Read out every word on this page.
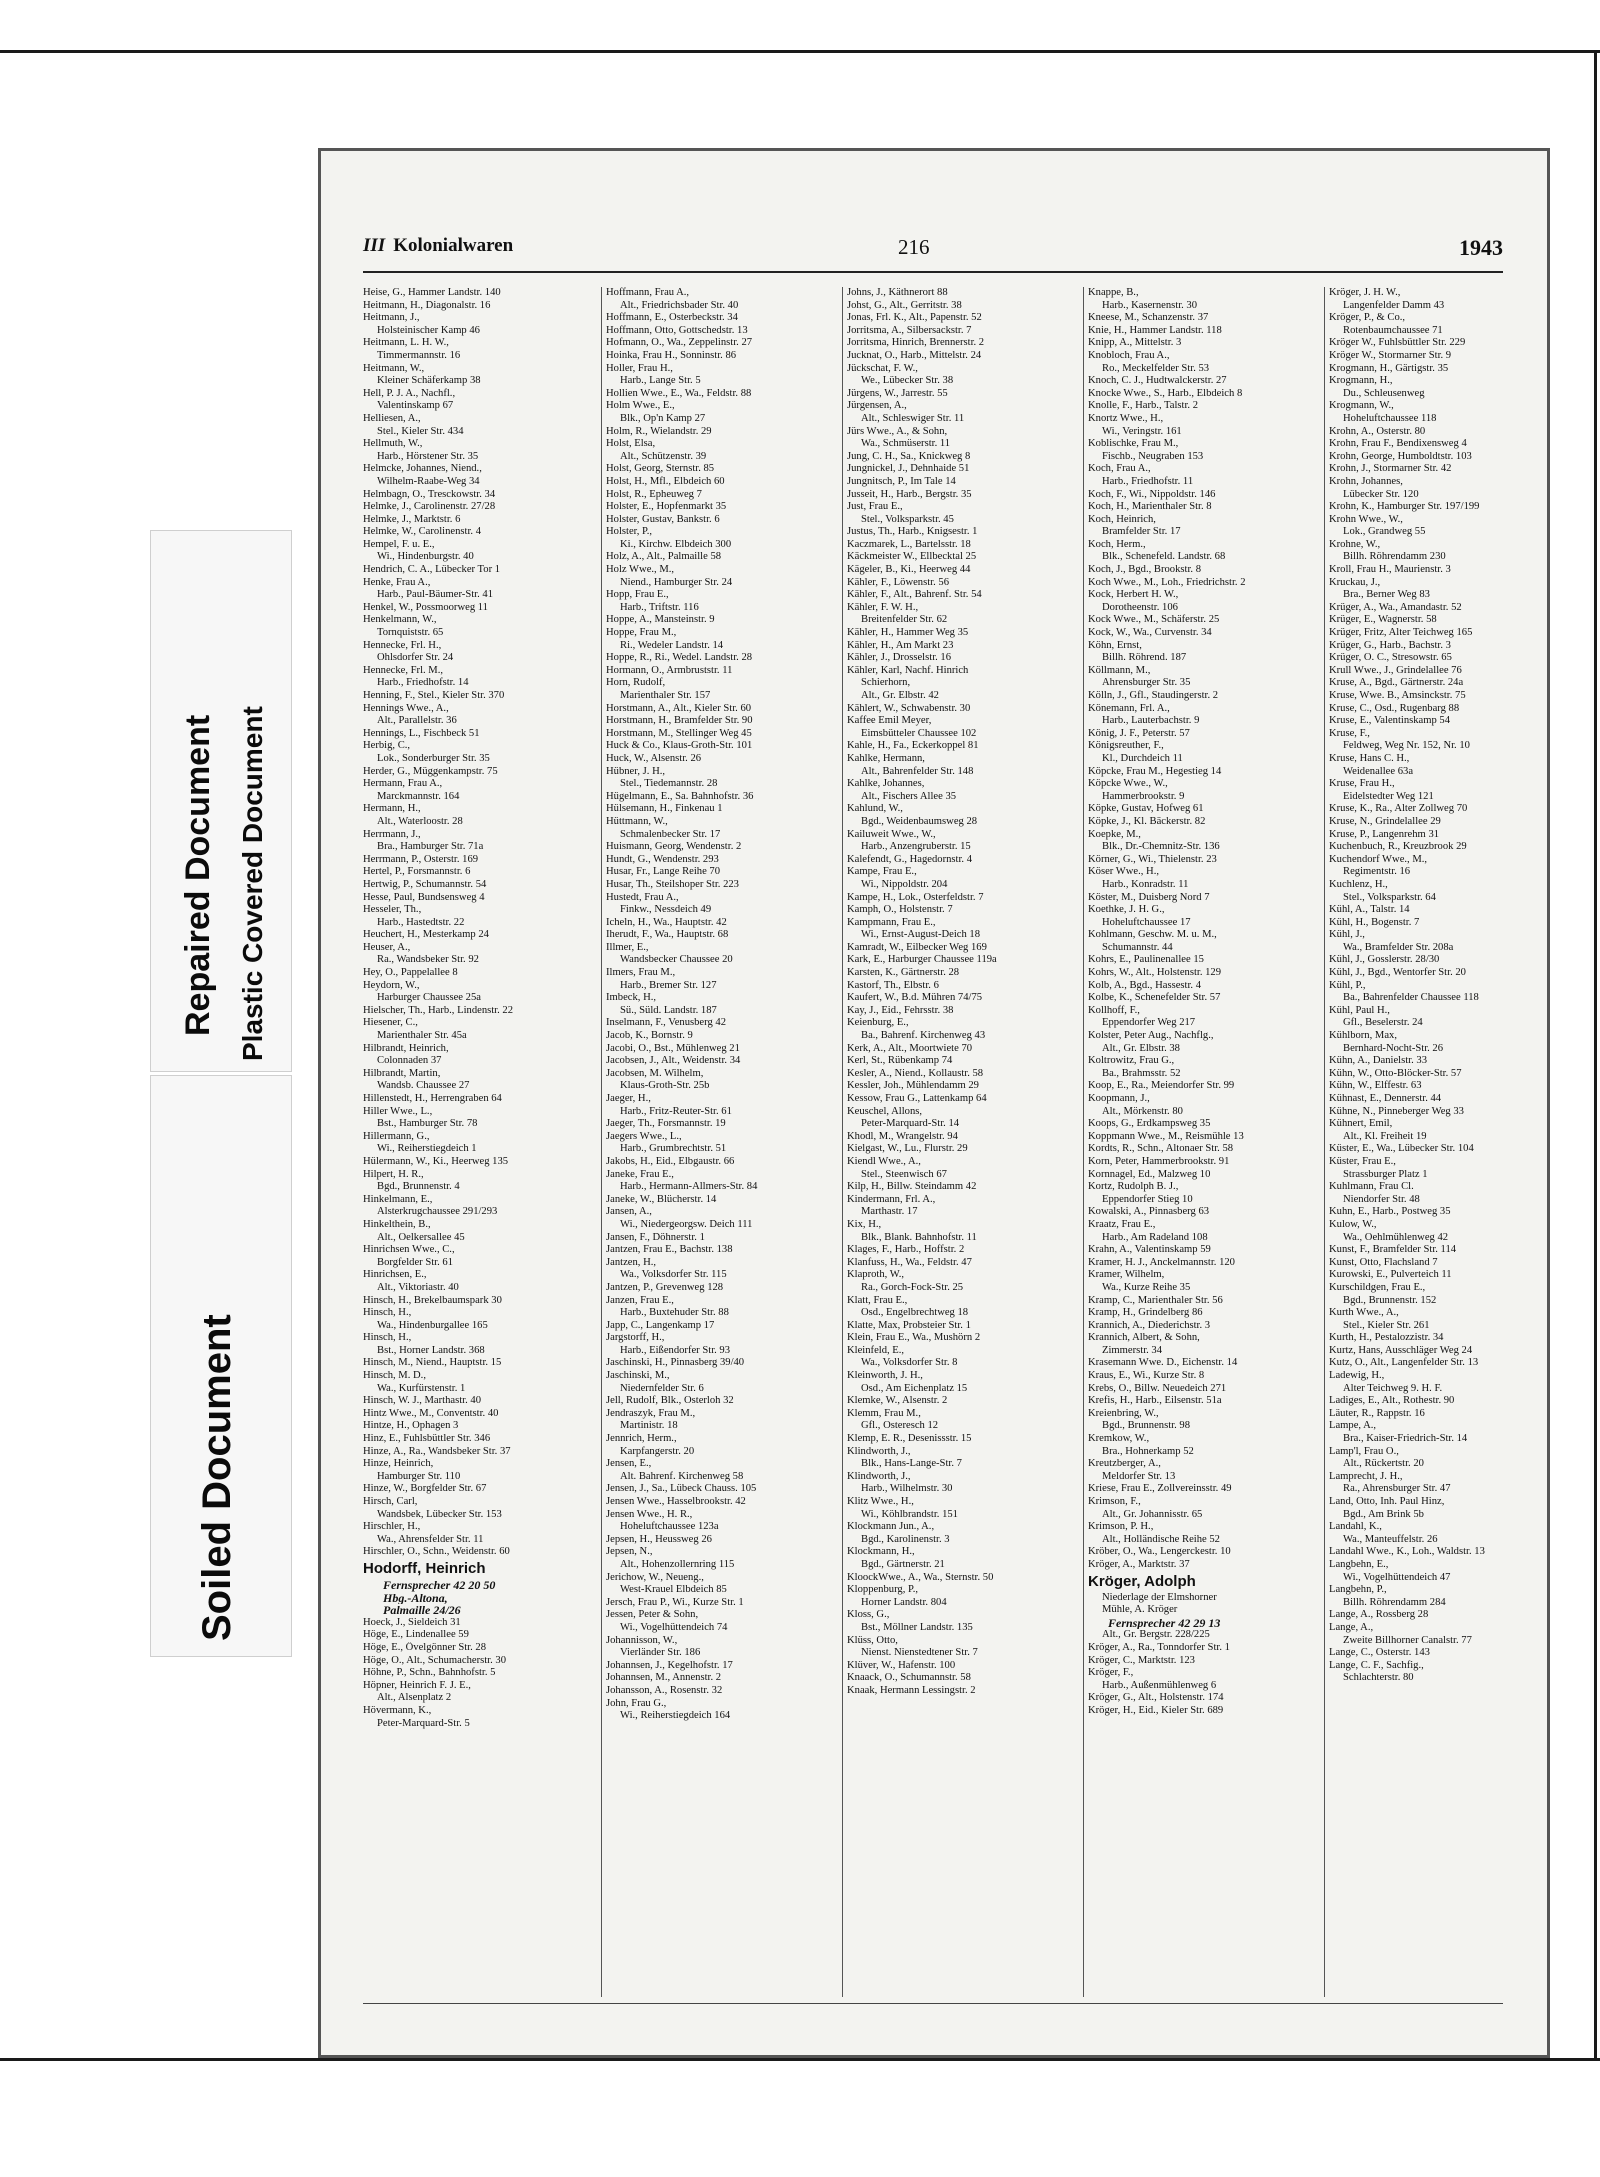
Repaired Document Plastic Covered Document
Soiled Document
III Kolonialwaren	216	1943
Heise, G., Hammer Landstr. 140
Heitmann, H., Diagonalstr. 16
Heitmann, J.,
Holsteinischer Kamp 46
Heitmann, L. H. W.,
Timmermannstr. 16
Heitmann, W.,
Kleiner Schäferkamp 38
Hell, P. J. A., Nachfl.,
Valentinskamp 67
Helliesen, A.,
Stel., Kieler Str. 434
Hellmuth, W.,
Harb., Hörstener Str. 35
Helmcke, Johannes, Niend.,
Wilhelm-Raabe-Weg 34
Helmbagn, O., Tresckowstr. 34
Helmke, J., Carolinenstr. 27/28
Helmke, J., Marktstr. 6
Helmke, W., Carolinenstr. 4
Hempel, F. u. E.,
Wi., Hindenburgstr. 40
Hendrich, C. A., Lübecker Tor 1
Henke, Frau A.,
Harb., Paul-Bäumer-Str. 41
Henkel, W., Possmoorweg 11
Henkelmann, W.,
Tornquiststr. 65
Hennecke, Frl. H.,
Ohlsdorfer Str. 24
Hennecke, Frl. M.,
Harb., Friedhofstr. 14
Henning, F., Stel., Kieler Str. 370
Hennings Wwe., A.,
Alt., Parallelstr. 36
Hennings, L., Fischbeck 51
Herbig, C.,
Lok., Sonderburger Str. 35
Herder, G., Müggenkampstr. 75
Hermann, Frau A.,
Marckmannstr. 164
Hermann, H.,
Alt., Waterloostr. 28
Herrmann, J.,
Bra., Hamburger Str. 71a
Herrmann, P., Osterstr. 169
Hertel, P., Forsmannstr. 6
Hertwig, P., Schumannstr. 54
Hesse, Paul, Bundsensweg 4
Hesseler, Th.,
Harb., Hastedtstr. 22
Heuchert, H., Mesterkamp 24
Heuser, A.,
Ra., Wandsbeker Str. 92
Hey, O., Pappelallee 8
Heydorn, W.,
Harburger Chaussee 25a
Hielscher, Th., Harb., Lindenstr. 22
Hiesener, C.,
Marienthaler Str. 45a
Hilbrandt, Heinrich,
Colonnaden 37
Hilbrandt, Martin,
Wandsb. Chaussee 27
Hillenstedt, H., Herrengraben 64
Hiller Wwe., L.,
Bst., Hamburger Str. 78
Hillermann, G.,
Wi., Reiherstiegdeich 1
Hülermann, W., Ki., Heerweg 135
Hilpert, H. R.,
Bgd., Brunnenstr. 4
Hinkelmann, E.,
Alsterkrugchaussee 291/293
Hinkelthein, B.,
Alt., Oelkersallee 45
Hinrichsen Wwe., C.,
Borgfelder Str. 61
Hinrichsen, E.,
Alt., Viktoriastr. 40
Hinsch, H., Brekelbaumspark 30
Hinsch, H.,
Wa., Hindenburgallee 165
Hinsch, H.,
Bst., Horner Landstr. 368
Hinsch, M., Niend., Hauptstr. 15
Hinsch, M. D.,
Wa., Kurfürstenstr. 1
Hinsch, W. J., Marthastr. 40
Hintz Wwe., M., Conventstr. 40
Hintze, H., Ophagen 3
Hinz, E., Fuhlsbüttler Str. 346
Hinze, A., Ra., Wandsbeker Str. 37
Hinze, Heinrich,
Hamburger Str. 110
Hinze, W., Borgfelder Str. 67
Hirsch, Carl,
Wandsbek, Lübecker Str. 153
Hirschler, H.,
Wa., Ahrensfelder Str. 11
Hirschler, O., Schn., Weidenstr. 60
Hodorff, Heinrich
Fernsprecher 42 20 50
Hbg.-Altona,
Palmaille 24/26
Hoeck, J., Sieldeich 31
Höge, E., Lindenallee 59
Höge, E., Övelgönner Str. 28
Höge, O., Alt., Schumacherstr. 30
Höhne, P., Schn., Bahnhofstr. 5
Höpner, Heinrich F. J. E.,
Alt., Alsenplatz 2
Hövermann, K.,
Peter-Marquard-Str. 5
Hoffmann, Frau A.,
Alt., Friedrichsbader Str. 40
Hoffmann, E., Osterbeckstr. 34
Hoffmann, Otto, Gottschedstr. 13
Hofmann, O., Wa., Zeppelinstr. 27
Hoinka, Frau H., Sonninstr. 86
Holler, Frau H.,
Harb., Lange Str. 5
Hollien Wwe., E., Wa., Feldstr. 88
Holm Wwe., E.,
Blk., Op'n Kamp 27
Holm, R., Wielandstr. 29
Holst, Elsa,
Alt., Schützenstr. 39
Holst, Georg, Sternstr. 85
Holst, H., Mfl., Elbdeich 60
Holst, R., Epheuweg 7
Holster, E., Hopfenmarkt 35
Holster, Gustav, Bankstr. 6
Holster, P.,
Ki., Kirchw. Elbdeich 300
Holz, A., Alt., Palmaille 58
Holz Wwe., M.,
Niend., Hamburger Str. 24
Hopp, Frau E.,
Harb., Triftstr. 116
Hoppe, A., Mansteinstr. 9
Hoppe, Frau M.,
Ri., Wedeler Landstr. 14
Hoppe, R., Ri., Wedel. Landstr. 28
Hormann, O., Armbruststr. 11
Horn, Rudolf,
Marienthaler Str. 157
Horstmann, A., Alt., Kieler Str. 60
Horstmann, H., Bramfelder Str. 90
Horstmann, M., Stellinger Weg 45
Huck & Co., Klaus-Groth-Str. 101
Huck, W., Alsenstr. 26
Hübner, J. H.,
Stel., Tiedemannstr. 28
Hügelmann, E., Sa. Bahnhofstr. 36
Hülsemann, H., Finkenau 1
Hüttmann, W.,
Schmalenbecker Str. 17
Huismann, Georg, Wendenstr. 2
Hundt, G., Wendenstr. 293
Husar, Fr., Lange Reihe 70
Husar, Th., Steilshoper Str. 223
Hustedt, Frau A.,
Finkw., Nessdeich 49
Icheln, H., Wa., Hauptstr. 42
Iherudt, F., Wa., Hauptstr. 68
Illmer, E.,
Wandsbecker Chaussee 20
Ilmers, Frau M.,
Harb., Bremer Str. 127
Imbeck, H.,
Sü., Süld. Landstr. 187
Inselmann, F., Venusberg 42
Jacob, K., Bornstr. 9
Jacobi, O., Bst., Mühlenweg 21
Jacobsen, J., Alt., Weidenstr. 34
Jacobsen, M. Wilhelm,
Klaus-Groth-Str. 25b
Jaeger, H.,
Harb., Fritz-Reuter-Str. 61
Jaeger, Th., Forsmannstr. 19
Jaegers Wwe., L.,
Harb., Grumbrechtstr. 51
Jakobs, H., Eid., Elbgaustr. 66
Janeke, Frau E.,
Harb., Hermann-Allmers-Str. 84
Janeke, W., Blücherstr. 14
Jansen, A.,
Wi., Niedergeorgsw. Deich 111
Jansen, F., Döhnerstr. 1
Jantzen, Frau E., Bachstr. 138
Jantzen, H.,
Wa., Volksdorfer Str. 115
Jantzen, P., Grevenweg 128
Janzen, Frau E.,
Harb., Buxtehuder Str. 88
Japp, C., Langenkamp 17
Jargstorff, H.,
Harb., Eißendorfer Str. 93
Jaschinski, H., Pinnasberg 39/40
Jaschinski, M.,
Niedernfelder Str. 6
Jell, Rudolf, Blk., Osterloh 32
Jendraszyk, Frau M.,
Martinistr. 18
Jennrich, Herm.,
Karpfangerstr. 20
Jensen, E.,
Alt. Bahrenf. Kirchenweg 58
Jensen, J., Sa., Lübeck Chauss. 105
Jensen Wwe., Hasselbrookstr. 42
Jensen Wwe., H. R.,
Hoheluftchaussee 123a
Jepsen, H., Heussweg 26
Jepsen, N.,
Alt., Hohenzollernring 115
Jerichow, W., Neueng.,
West-Krauel Elbdeich 85
Jersch, Frau P., Wi., Kurze Str. 1
Jessen, Peter & Sohn,
Wi., Vogelhüttendeich 74
Johannisson, W.,
Vierländer Str. 186
Johannsen, J., Kegelhofstr. 17
Johannsen, M., Annenstr. 2
Johansson, A., Rosenstr. 32
John, Frau G.,
Wi., Reiherstiegdeich 164
Johns, J., Käthnerort 88
Johst, G., Alt., Gerritstr. 38
Jonas, Frl. K., Alt., Papenstr. 52
Jorritsma, A., Silbersackstr. 7
Jorritsma, Hinrich, Brennerstr. 2
Jucknat, O., Harb., Mittelstr. 24
Jückschat, F. W.,
We., Lübecker Str. 38
Jürgens, W., Jarrestr. 55
Jürgensen, A.,
Alt., Schleswiger Str. 11
Jürs Wwe., A., & Sohn,
Wa., Schmüserstr. 11
Jung, C. H., Sa., Knickweg 8
Jungnickel, J., Dehnhaide 51
Jungnitsch, P., Im Tale 14
Jusseit, H., Harb., Bergstr. 35
Just, Frau E.,
Stel., Volksparkstr. 45
Justus, Th., Harb., Knigsestr. 1
Kaczmarek, L., Bartelsstr. 18
Käckmeister W., Ellbecktal 25
Kägeler, B., Ki., Heerweg 44
Kähler, F., Löwenstr. 56
Kähler, F., Alt., Bahrenf. Str. 54
Kähler, F. W. H.,
Breitenfelder Str. 62
Kähler, H., Hammer Weg 35
Kähler, H., Am Markt 23
Kähler, J., Drosselstr. 16
Kähler, Karl, Nachf. Hinrich
Schierhorn,
Alt., Gr. Elbstr. 42
Kählert, W., Schwabenstr. 30
Kaffee Emil Meyer,
Eimsbütteler Chaussee 102
Kahle, H., Fa., Eckerkoppel 81
Kahlke, Hermann,
Alt., Bahrenfelder Str. 148
Kahlke, Johannes,
Alt., Fischers Allee 35
Kahlund, W.,
Bgd., Weidenbaumsweg 28
Kailuweit Wwe., W.,
Harb., Anzengruberstr. 15
Kalefendt, G., Hagedornstr. 4
Kampe, Frau E.,
Wi., Nippoldstr. 204
Kampe, H., Lok., Osterfeldstr. 7
Kamph, O., Holstenstr. 7
Kampmann, Frau E.,
Wi., Ernst-August-Deich 18
Kamradt, W., Eilbecker Weg 169
Kark, E., Harburger Chaussee 119a
Karsten, K., Gärtnerstr. 28
Kastorf, Th., Elbstr. 6
Kaufert, W., B.d. Mühren 74/75
Kay, J., Eid., Fehrsstr. 38
Keienburg, E.,
Ba., Bahrenf. Kirchenweg 43
Kerk, A., Alt., Moortwiete 70
Kerl, St., Rübenkamp 74
Kesler, A., Niend., Kollaustr. 58
Kessler, Joh., Mühlendamm 29
Kessow, Frau G., Lattenkamp 64
Keuschel, Allons,
Peter-Marquard-Str. 14
Khodl, M., Wrangelstr. 94
Kielgast, W., Lu., Flurstr. 29
Kiendl Wwe., A.,
Stel., Steenwisch 67
Kilp, H., Billw. Steindamm 42
Kindermann, Frl. A.,
Marthastr. 17
Kix, H.,
Blk., Blank. Bahnhofstr. 11
Klages, F., Harb., Hoffstr. 2
Klanfuss, H., Wa., Feldstr. 47
Klaproth, W.,
Ra., Gorch-Fock-Str. 25
Klatt, Frau E.,
Osd., Engelbrechtweg 18
Klatte, Max, Probsteier Str. 1
Klein, Frau E., Wa., Mushörn 2
Kleinfeld, E.,
Wa., Volksdorfer Str. 8
Kleinworth, J. H.,
Osd., Am Eichenplatz 15
Klemke, W., Alsenstr. 2
Klemm, Frau M.,
Gfl., Osteresch 12
Klemp, E. R., Desenissstr. 15
Klindworth, J.,
Blk., Hans-Lange-Str. 7
Klindworth, J.,
Harb., Wilhelmstr. 30
Klitz Wwe., H.,
Wi., Köhlbrandstr. 151
Klockmann Jun., A.,
Bgd., Karolinenstr. 3
Klockmann, H.,
Bgd., Gärtnerstr. 21
KloockWwe., A., Wa., Sternstr. 50
Kloppenburg, P.,
Horner Landstr. 804
Kloss, G.,
Bst., Möllner Landstr. 135
Klüss, Otto,
Nienst. Nienstedtener Str. 7
Klüver, W., Hafenstr. 100
Knaack, O., Schumannstr. 58
Knaak, Hermann Lessingstr. 2
Knappe, B.,
Harb., Kasernenstr. 30
Kneese, M., Schanzenstr. 37
Knie, H., Hammer Landstr. 118
Knipp, A., Mittelstr. 3
Knobloch, Frau A.,
Ro., Meckelfelder Str. 53
Knoch, C. J., Hudtwalckerstr. 27
Knocke Wwe., S., Harb., Elbdeich 8
Knolle, F., Harb., Talstr. 2
Knortz Wwe., H.,
Wi., Veringstr. 161
Koblischke, Frau M.,
Fischb., Neugraben 153
Koch, Frau A.,
Harb., Friedhofstr. 11
Koch, F., Wi., Nippoldstr. 146
Koch, H., Marienthaler Str. 8
Koch, Heinrich,
Bramfelder Str. 17
Koch, Herm.,
Blk., Schenefeld. Landstr. 68
Koch, J., Bgd., Brookstr. 8
Koch Wwe., M., Loh., Friedrichstr. 2
Kock, Herbert H. W.,
Dorotheenstr. 106
Kock Wwe., M., Schäferstr. 25
Kock, W., Wa., Curvenstr. 34
Köhn, Ernst,
Billh. Röhrend. 187
Köllmann, M.,
Ahrensburger Str. 35
Kölln, J., Gfl., Staudingerstr. 2
Könemann, Frl. A.,
Harb., Lauterbachstr. 9
König, J. F., Peterstr. 57
Königsreuther, F.,
Kl., Durchdeich 11
Köpcke, Frau M., Hegestieg 14
Köpcke Wwe., W.,
Hammerbrookstr. 9
Köpke, Gustav, Hofweg 61
Köpke, J., Kl. Bäckerstr. 82
Koepke, M.,
Blk., Dr.-Chemnitz-Str. 136
Körner, G., Wi., Thielenstr. 23
Köser Wwe., H.,
Harb., Konradstr. 11
Köster, M., Duisberg Nord 7
Koethke, J. H. G.,
Hoheluftchaussee 17
Kohlmann, Geschw. M. u. M.,
Schumannstr. 44
Kohrs, E., Paulinenallee 15
Kohrs, W., Alt., Holstenstr. 129
Kolb, A., Bgd., Hassestr. 4
Kolbe, K., Schenefelder Str. 57
Kollhoff, F.,
Eppendorfer Weg 217
Kolster, Peter Aug., Nachflg.,
Alt., Gr. Elbstr. 38
Koltrowitz, Frau G.,
Ba., Brahmsstr. 52
Koop, E., Ra., Meiendorfer Str. 99
Koopmann, J.,
Alt., Mörkenstr. 80
Koops, G., Erdkampsweg 35
Koppmann Wwe., M., Reismühle 13
Kordts, R., Schn., Altonaer Str. 58
Korn, Peter, Hammerbrookstr. 91
Kornnagel, Ed., Malzweg 10
Kortz, Rudolph B. J.,
Eppendorfer Stieg 10
Kowalski, A., Pinnasberg 63
Kraatz, Frau E.,
Harb., Am Radeland 108
Krahn, A., Valentinskamp 59
Kramer, H. J., Anckelmannstr. 120
Kramer, Wilhelm,
Wa., Kurze Reihe 35
Kramp, C., Marienthaler Str. 56
Kramp, H., Grindelberg 86
Krannich, A., Diederichstr. 3
Krannich, Albert, & Sohn,
Zimmerstr. 34
Krasemann Wwe. D., Eichenstr. 14
Kraus, E., Wi., Kurze Str. 8
Krebs, O., Billw. Neuedeich 271
Krefis, H., Harb., Eilsenstr. 51a
Kreienbring, W.,
Bgd., Brunnenstr. 98
Kremkow, W.,
Bra., Hohnerkamp 52
Kreutzberger, A.,
Meldorfer Str. 13
Kriese, Frau E., Zollvereinsstr. 49
Krimson, F.,
Alt., Gr. Johannisstr. 65
Krimson, P. H.,
Alt., Holländische Reihe 52
Kröber, O., Wa., Lengerckestr. 10
Kröger, A., Marktstr. 37
Kröger, Adolph
Niederlage der Elmshorner
Mühle, A. Kröger
Fernsprecher 42 29 13
Alt., Gr. Bergstr. 228/225
Kröger, A., Ra., Tonndorfer Str. 1
Kröger, C., Marktstr. 123
Kröger, F.,
Harb., Außenmühlenweg 6
Kröger, G., Alt., Holstenstr. 174
Kröger, H., Eid., Kieler Str. 689
Kröger, J. H. W.,
Langenfelder Damm 43
Kröger, P., & Co.,
Rotenbaumchaussee 71
Kröger W., Fuhlsbüttler Str. 229
Kröger W., Stormarner Str. 9
Krogmann, H., Gärtigstr. 35
Krogmann, H.,
Du., Schleusenweg
Krogmann, W.,
Hoheluftchaussee 118
Krohn, A., Osterstr. 80
Krohn, Frau F., Bendixensweg 4
Krohn, George, Humboldtstr. 103
Krohn, J., Stormarner Str. 42
Krohn, Johannes,
Lübecker Str. 120
Krohn, K., Hamburger Str. 197/199
Krohn Wwe., W.,
Lok., Grandweg 55
Krohne, W.,
Billh. Röhrendamm 230
Kroll, Frau H., Maurienstr. 3
Kruckau, J.,
Bra., Berner Weg 83
Krüger, A., Wa., Amandastr. 52
Krüger, E., Wagnerstr. 58
Krüger, Fritz, Alter Teichweg 165
Krüger, G., Harb., Bachstr. 3
Krüger, O. C., Stresowstr. 65
Krull Wwe., J., Grindelallee 76
Kruse, A., Bgd., Gärtnerstr. 24a
Kruse, Wwe. B., Amsinckstr. 75
Kruse, C., Osd., Rugenbarg 88
Kruse, E., Valentinskamp 54
Kruse, F.,
Feldweg, Weg Nr. 152, Nr. 10
Kruse, Hans C. H.,
Weidenallee 63a
Kruse, Frau H.,
Eidelstedter Weg 121
Kruse, K., Ra., Alter Zollweg 70
Kruse, N., Grindelallee 29
Kruse, P., Langenrehm 31
Kuchenbuch, R., Kreuzbrook 29
Kuchendorf Wwe., M.,
Regimentstr. 16
Kuchlenz, H.,
Stel., Volksparkstr. 64
Kühl, A., Talstr. 14
Kühl, H., Bogenstr. 7
Kühl, J.,
Wa., Bramfelder Str. 208a
Kühl, J., Gosslerstr. 28/30
Kühl, J., Bgd., Wentorfer Str. 20
Kühl, P.,
Ba., Bahrenfelder Chaussee 118
Kühl, Paul H.,
Gfl., Beselerstr. 24
Kühlborn, Max,
Bernhard-Nocht-Str. 26
Kühn, A., Danielstr. 33
Kühn, W., Otto-Blöcker-Str. 57
Kühn, W., Elffestr. 63
Kühnast, E., Dennerstr. 44
Kühne, N., Pinneberger Weg 33
Kühnert, Emil,
Alt., Kl. Freiheit 19
Küster, E., Wa., Lübecker Str. 104
Küster, Frau E.,
Strassburger Platz 1
Kuhlmann, Frau Cl.
Niendorfer Str. 48
Kuhn, E., Harb., Postweg 35
Kulow, W.,
Wa., Oehlmühlenweg 42
Kunst, F., Bramfelder Str. 114
Kunst, Otto, Flachsland 7
Kurowski, E., Pulverteich 11
Kurschildgen, Frau E.,
Bgd., Brunnenstr. 152
Kurth Wwe., A.,
Stel., Kieler Str. 261
Kurth, H., Pestalozzistr. 34
Kurtz, Hans, Ausschläger Weg 24
Kutz, O., Alt., Langenfelder Str. 13
Ladewig, H.,
Alter Teichweg 9. H. F.
Ladiges, E., Alt., Rothestr. 90
Läuter, R., Rappstr. 16
Lampe, A.,
Bra., Kaiser-Friedrich-Str. 14
Lamp'l, Frau O.,
Alt., Rückertstr. 20
Lamprecht, J. H.,
Ra., Ahrensburger Str. 47
Land, Otto, Inh. Paul Hinz,
Bgd., Am Brink 5b
Landahl, K.,
Wa., Manteuffelstr. 26
Landahl Wwe., K., Loh., Waldstr. 13
Langbehn, E.,
Wi., Vogelhüttendeich 47
Langbehn, P.,
Billh. Röhrendamm 284
Lange, A., Rossberg 28
Lange, A.,
Zweite Billhorner Canalstr. 77
Lange, C., Osterstr. 143
Lange, C. F., Sachfig.,
Schlachterstr. 80
